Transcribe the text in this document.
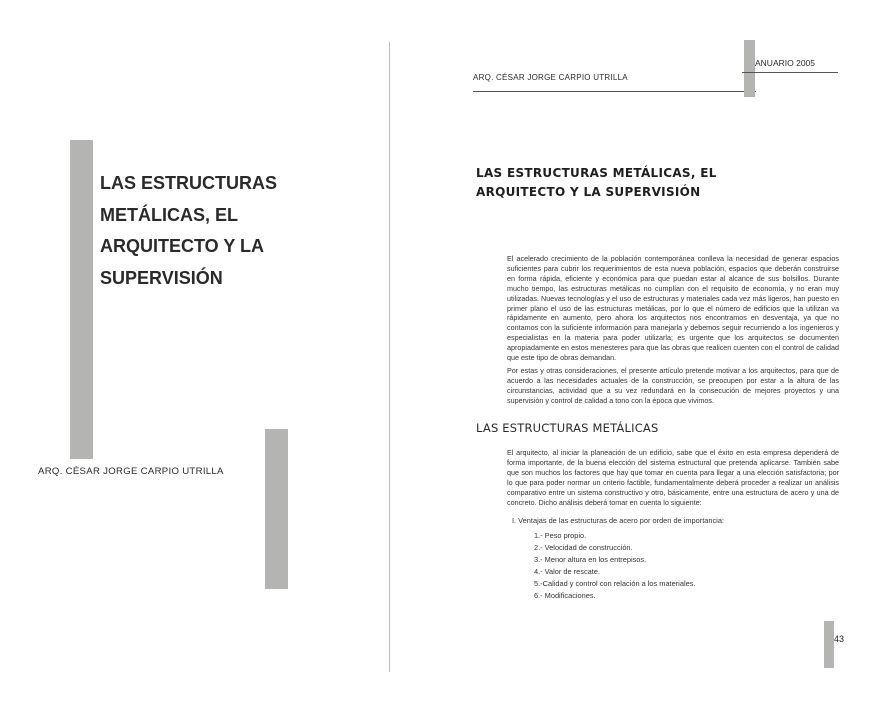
LAS ESTRUCTURAS
METÁLICAS, EL
ARQUITECTO Y LA
SUPERVISIÓN
ARQ. CÉSAR JORGE CARPIO UTRILLA
ARQ. CÉSAR JORGE CARPIO UTRILLA
ANUARIO 2005
LAS ESTRUCTURAS METÁLICAS, EL
ARQUITECTO Y LA SUPERVISIÓN

El acelerado crecimiento de la población contemporánea conlleva la necesidad de generar espacios suficientes para cubrir los requerimientos de esta nueva población, espacios que deberán construirse en forma rápida, eficiente y económica para que puedan estar al alcance de sus bolsillos. Durante mucho tiempo, las estructuras metálicas no cumplían con el requisito de economía, y no eran muy utilizadas. Nuevas tecnologías y el uso de estructuras y materiales cada vez más ligeros, han puesto en primer plano el uso de las estructuras metálicas, por lo que el número de edificios que la utilizan va rápidamente en aumento, pero ahora los arquitectos nos encontramos en desventaja, ya que no contamos con la suficiente información para manejarla y debemos seguir recurriendo a los ingenieros y especialistas en la materia para poder utilizarla; es urgente que los arquitectos se documenten apropiadamente en estos menesteres para que las obras que realicen cuenten con el control de calidad que este tipo de obras demandan.

Por estas y otras consideraciones, el presente artículo pretende motivar a los arquitectos, para que de acuerdo a las necesidades actuales de la construcción, se preocupen por estar a la altura de las circunstancias, actividad que a su vez redundará en la consecución de mejores proyectos y una supervisión y control de calidad a tono con la época que vivimos.

LAS ESTRUCTURAS METÁLICAS

El arquitecto, al iniciar la planeación de un edificio, sabe que el éxito en esta empresa dependerá de forma importante, de la buena elección del sistema estructural que pretenda aplicarse. También sabe que son muchos los factores que hay que tomar en cuenta para llegar a una elección satisfactoria; por lo que para poder normar un criterio factible, fundamentalmente deberá proceder a realizar un análisis comparativo entre un sistema constructivo y otro, básicamente, entre una estructura de acero y una de concreto. Dicho análisis deberá tomar en cuenta lo siguiente:

I. Ventajas de las estructuras de acero por orden de importancia:
1.- Peso propio.
2.- Velocidad de construcción.
3.- Menor altura en los entrepisos.
4.- Valor de rescate.
5.-Calidad y control con relación a los materiales.
6.- Modificaciones.
43
